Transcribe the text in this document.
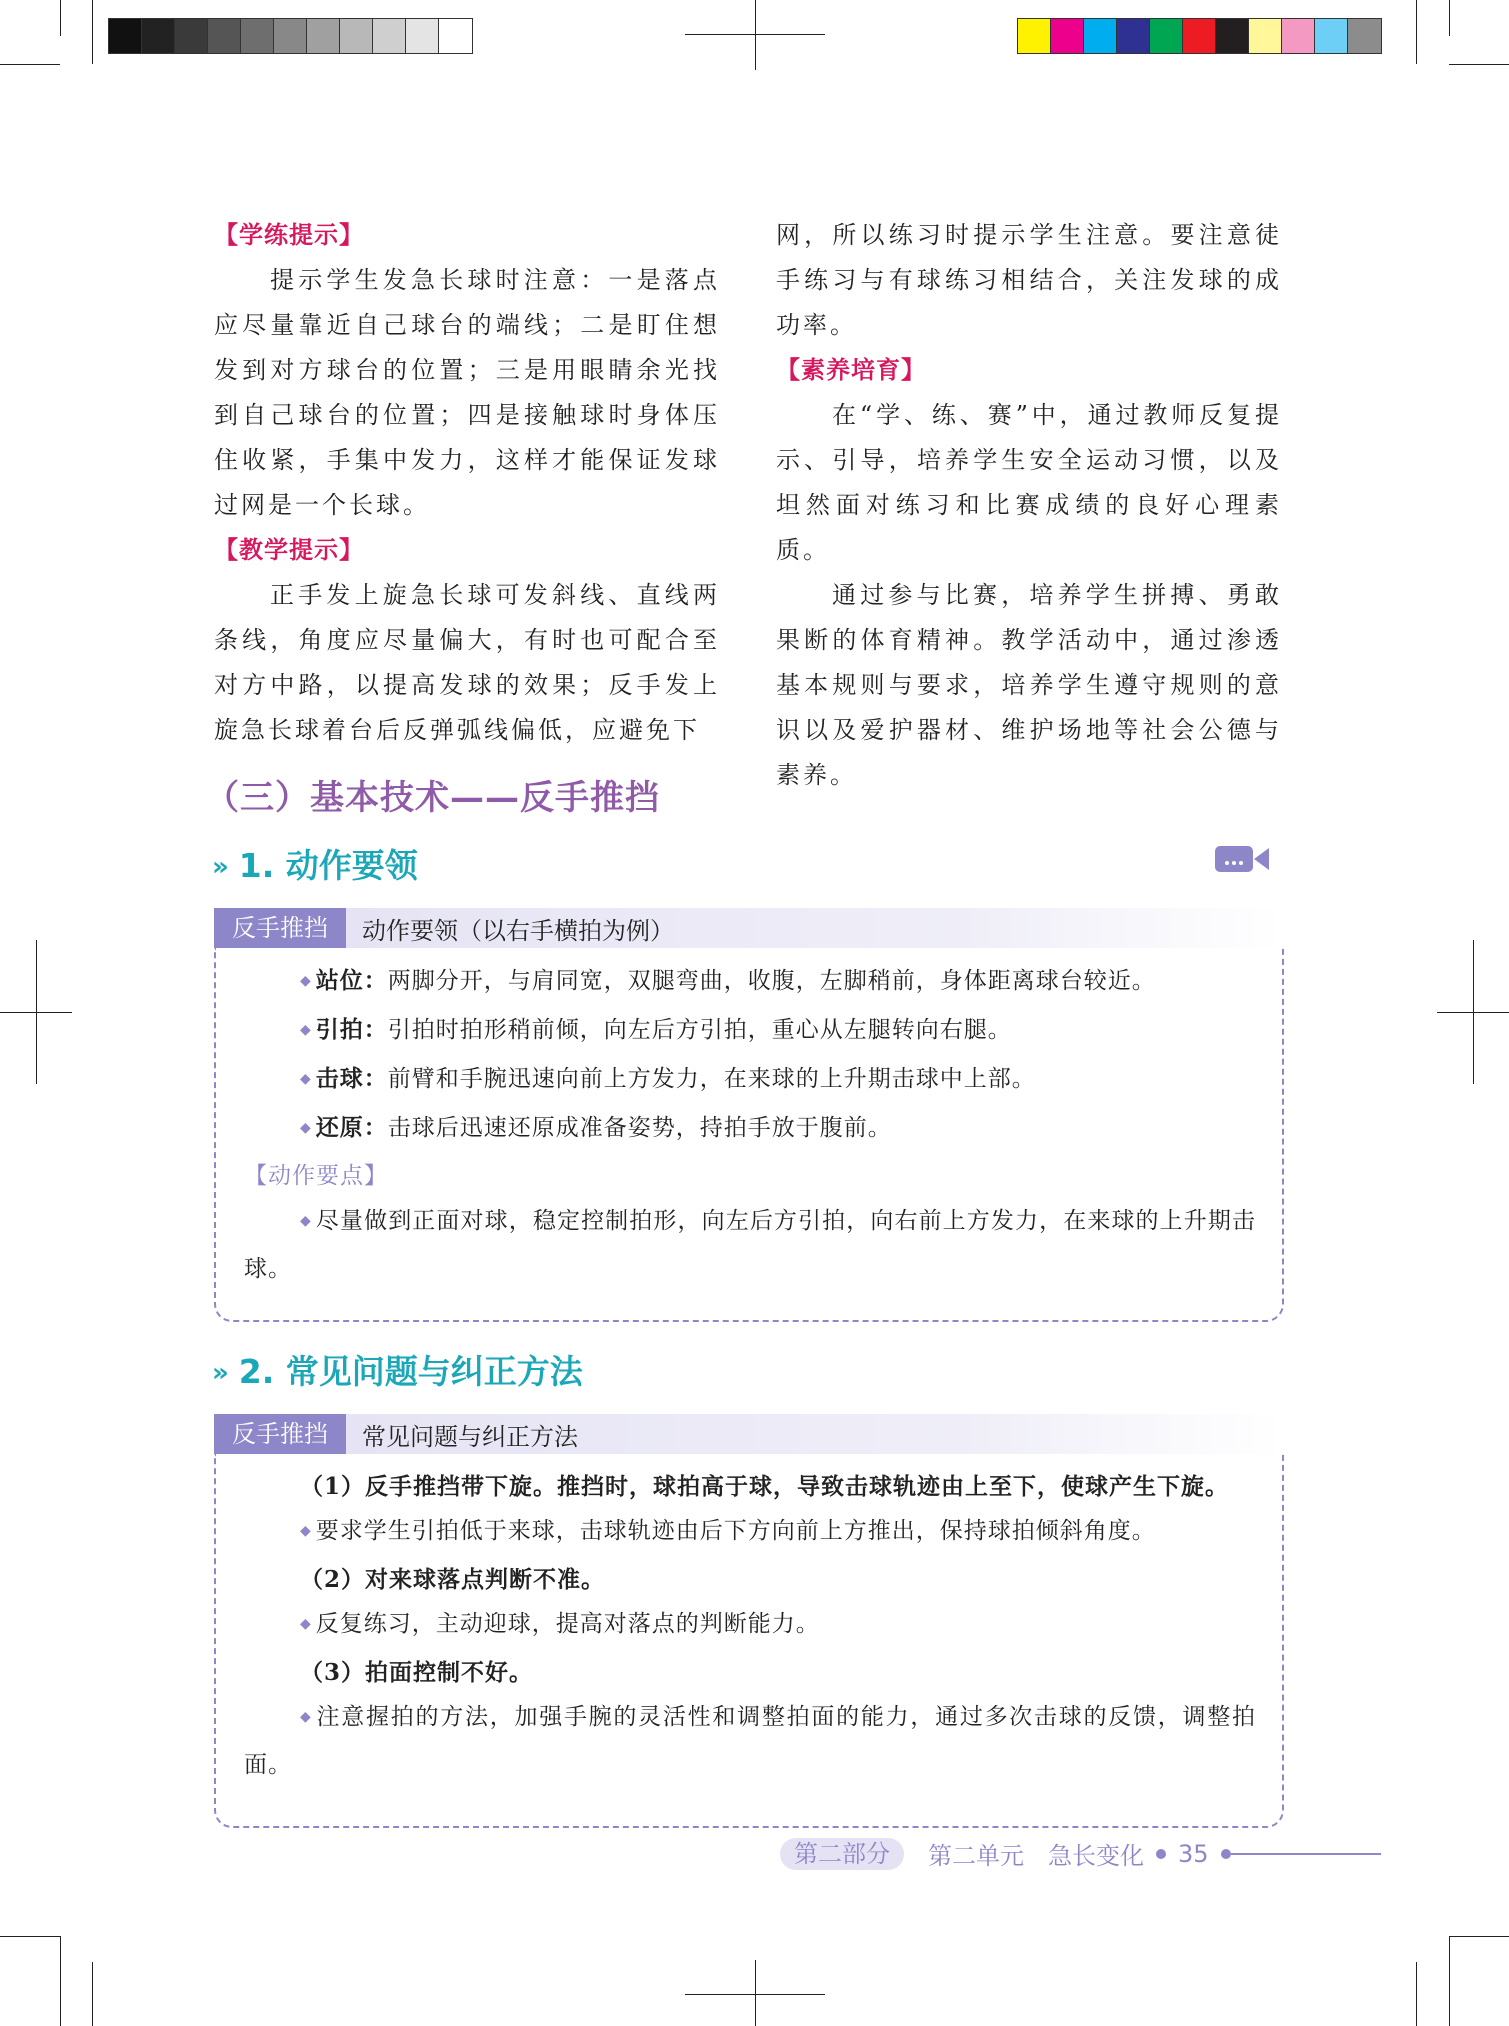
【学练提示】

提示学生发急长球时注意：一是落点应尽量靠近自己球台的端线；二是盯住想发到对方球台的位置；三是用眼睛余光找到自己球台的位置；四是接触球时身体压住收紧，手集中发力，这样才能保证发球过网是一个长球。

【教学提示】

正手发上旋急长球可发斜线、直线两条线，角度应尽量偏大，有时也可配合至对方中路，以提高发球的效果；反手发上旋急长球着台后反弹弧线偏低，应避免下

网，所以练习时提示学生注意。要注意徒手练习与有球练习相结合，关注发球的成功率。

【素养培育】

在“学、练、赛”中，通过教师反复提示、引导，培养学生安全运动习惯，以及坦然面对练习和比赛成绩的良好心理素质。

通过参与比赛，培养学生拼搏、勇敢果断的体育精神。教学活动中，通过渗透基本规则与要求，培养学生遵守规则的意识以及爱护器材、维护场地等社会公德与素养。

（三）基本技术——反手推挡
» 1. 动作要领
反手推挡	动作要领（以右手横拍为例）
◆ 站位：两脚分开，与肩同宽，双腿弯曲，收腹，左脚稍前，身体距离球台较近。
◆ 引拍：引拍时拍形稍前倾，向左后方引拍，重心从左腿转向右腿。
◆ 击球：前臂和手腕迅速向前上方发力，在来球的上升期击球中上部。
◆ 还原：击球后迅速还原成准备姿势，持拍手放于腹前。
【动作要点】
◆ 尽量做到正面对球，稳定控制拍形，向左后方引拍，向右前上方发力，在来球的上升期击球。
» 2. 常见问题与纠正方法
反手推挡	常见问题与纠正方法
（1）反手推挡带下旋。推挡时，球拍高于球，导致击球轨迹由上至下，使球产生下旋。
◆ 要求学生引拍低于来球，击球轨迹由后下方向前上方推出，保持球拍倾斜角度。
（2）对来球落点判断不准。
◆ 反复练习，主动迎球，提高对落点的判断能力。
（3）拍面控制不好。
◆ 注意握拍的方法，加强手腕的灵活性和调整拍面的能力，通过多次击球的反馈，调整拍面。
第二部分	第二单元　急长变化 35
